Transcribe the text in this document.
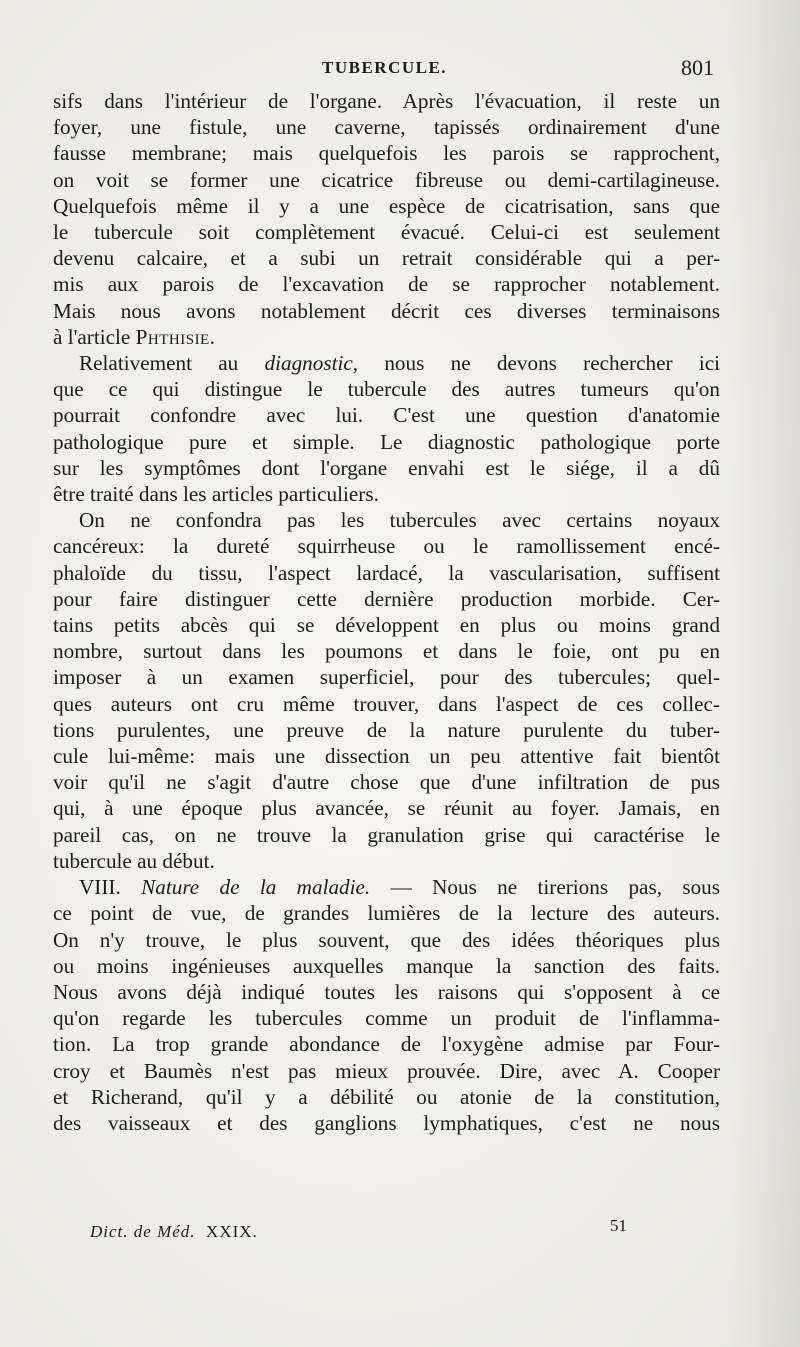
TUBERCULE.	801

sifs dans l'intérieur de l'organe. Après l'évacuation, il reste un
foyer, une fistule, une caverne, tapissés ordinairement d'une
fausse membrane; mais quelquefois les parois se rapprochent,
on voit se former une cicatrice fibreuse ou demi-cartilagineuse.
Quelquefois même il y a une espèce de cicatrisation, sans que
le tubercule soit complètement évacué. Celui-ci est seulement
devenu calcaire, et a subi un retrait considérable qui a per-
mis aux parois de l'excavation de se rapprocher notablement.
Mais nous avons notablement décrit ces diverses terminaisons
à l'article Phthisie.

Relativement au diagnostic, nous ne devons rechercher ici
que ce qui distingue le tubercule des autres tumeurs qu'on
pourrait confondre avec lui. C'est une question d'anatomie
pathologique pure et simple. Le diagnostic pathologique porte
sur les symptômes dont l'organe envahi est le siége, il a dû
être traité dans les articles particuliers.

On ne confondra pas les tubercules avec certains noyaux
cancéreux: la dureté squirrheuse ou le ramollissement encé-
phaloïde du tissu, l'aspect lardacé, la vascularisation, suffisent
pour faire distinguer cette dernière production morbide. Cer-
tains petits abcès qui se développent en plus ou moins grand
nombre, surtout dans les poumons et dans le foie, ont pu en
imposer à un examen superficiel, pour des tubercules; quel-
ques auteurs ont cru même trouver, dans l'aspect de ces collec-
tions purulentes, une preuve de la nature purulente du tuber-
cule lui-même: mais une dissection un peu attentive fait bientôt
voir qu'il ne s'agit d'autre chose que d'une infiltration de pus
qui, à une époque plus avancée, se réunit au foyer. Jamais, en
pareil cas, on ne trouve la granulation grise qui caractérise le
tubercule au début.

VIII. Nature de la maladie. — Nous ne tirerions pas, sous
ce point de vue, de grandes lumières de la lecture des auteurs.
On n'y trouve, le plus souvent, que des idées théoriques plus
ou moins ingénieuses auxquelles manque la sanction des faits.
Nous avons déjà indiqué toutes les raisons qui s'opposent à ce
qu'on regarde les tubercules comme un produit de l'inflamma-
tion. La trop grande abondance de l'oxygène admise par Four-
croy et Baumès n'est pas mieux prouvée. Dire, avec A. Cooper
et Richerand, qu'il y a débilité ou atonie de la constitution,
des vaisseaux et des ganglions lymphatiques, c'est ne nous

Dict. de Méd. XXIX.	51
